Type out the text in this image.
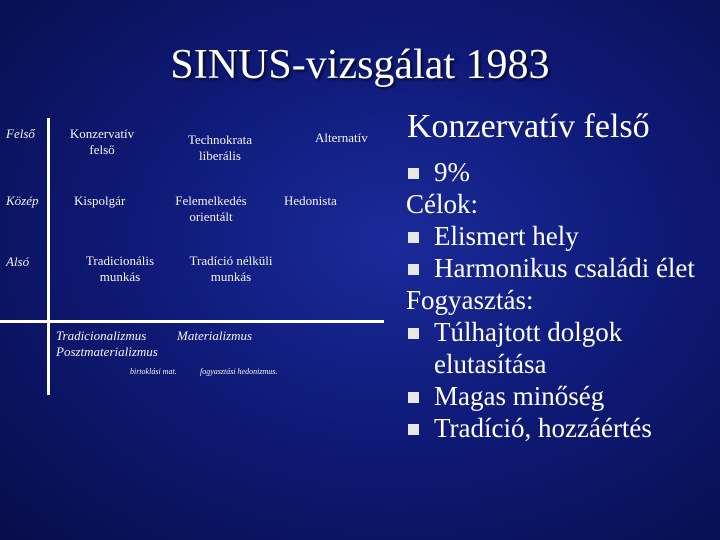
SINUS-vizsgálat 1983
Felső
Közép
Alsó
Konzervatív
felső
Technokrata
liberális
Alternatív
Kispolgár	Felemelkedés
orientált
Hedonista
Tradicionális
munkás
Tradíció nélküli
munkás
Tradicionalizmus Materializmus
Posztmaterializmus
birtoklási mat.	fogyasztási hedonizmus.
Konzervatív felső
9%
Célok:
Elismert hely
Harmonikus családi élet
Fogyasztás:
Túlhajtott dolgok
elutasítása
Magas minőség
Tradíció, hozzáértés
